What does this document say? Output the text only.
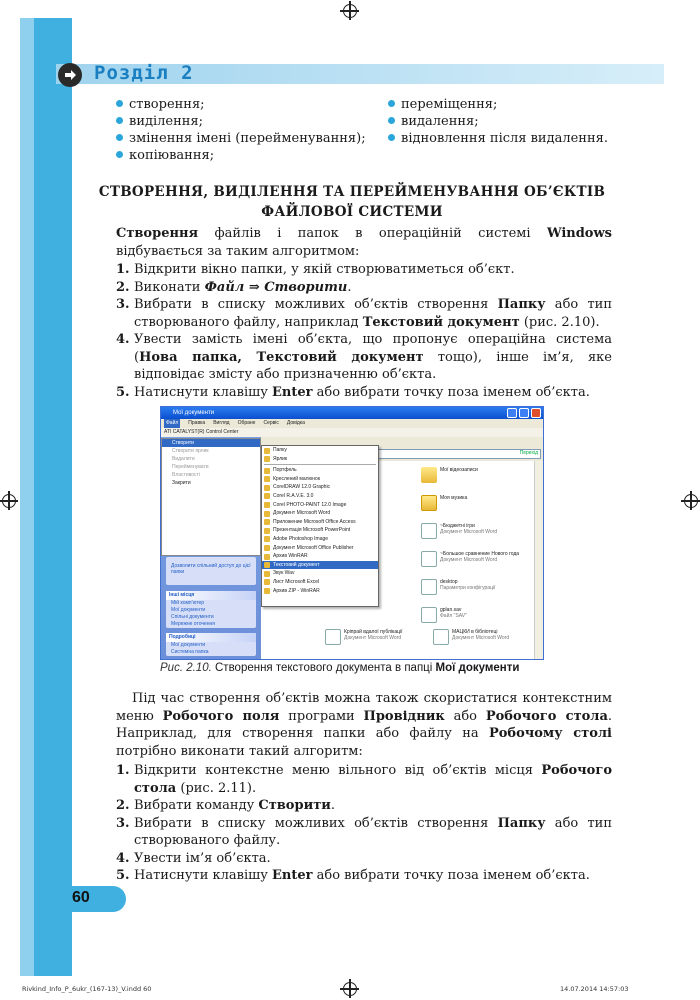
Розділ 2
створення;
виділення;
змінення імені (перейменування);
копіювання;
переміщення;
видалення;
відновлення після видалення.
СТВОРЕННЯ, ВИДІЛЕННЯ ТА ПЕРЕЙМЕНУВАННЯ ОБ’ЄКТІВ
ФАЙЛОВОЇ СИСТЕМИ
Створення файлів і папок в операційній системі Windows відбувається за таким алгоритмом:
1. Відкрити вікно папки, у якій створюватиметься об’єкт.
2. Виконати Файл ⇒ Створити.
3. Вибрати в списку можливих об’єктів створення Папку або тип створюваного файлу, наприклад Текстовий документ (рис. 2.10).
4. Увести замість імені об’єкта, що пропонує операційна система (Нова папка, Текстовий документ тощо), інше ім’я, яке відповідає змісту або призначенню об’єкта.
5. Натиснути клавішу Enter або вибрати точку поза іменем об’єкта.
Мої документи
Файл	Правка Вигляд Обране Сервіс Довідка
ATI CATALYST(R) Control Center
Дозволити спільний доступ до цієї папки
Інші місця
Мій комп'ютер
Мої документи
Спільні документи
Мережне оточення
Подробиці
Мої документи
Системна папка
Створити
Створити ярлик
Видалити
Перейменувати
Властивості
Закрити
Перехід
Мої відеозаписи
Моя музика
~Бюджетні ігри
Документ Microsoft Word
~Большое сравнение Нового года
Документ Microsoft Word
desktop
Параметри конфігурації
gplan.sav
Файл "SAV"
Кріпрай вдалої публікації
Документ Microsoft Word
МАЦКИ в бібліотеці
Документ Microsoft Word
Папку
Ярлик
Портфель
Креслений малюнок
CorelDRAW 12.0 Graphic
Corel R.A.V.E. 3.0
Corel PHOTO-PAINT 12.0 Image
Документ Microsoft Word
Приложение Microsoft Office Access
Презентація Microsoft PowerPoint
Adobe Photoshop Image
Документ Microsoft Office Publisher
Архив WinRAR
Текстовий документ
Звук Wav
Лист Microsoft Excel
Архив ZIP - WinRAR
Рис. 2.10. Створення текстового документа в папці Мої документи
Під час створення об’єктів можна також скористатися контекстним меню Робочого поля програми Провідник або Робочого стола. Наприклад, для створення папки або файлу на Робочому столі потрібно виконати такий алгоритм:
1. Відкрити контекстне меню вільного від об’єктів місця Робочого стола (рис. 2.11).
2. Вибрати команду Створити.
3. Вибрати в списку можливих об’єктів створення Папку або тип створюваного файлу.
4. Увести ім’я об’єкта.
5. Натиснути клавішу Enter або вибрати точку поза іменем об’єкта.
60
Rivkind_Info_P_6ukr_(167-13)_V.indd 60	14.07.2014 14:57:03
